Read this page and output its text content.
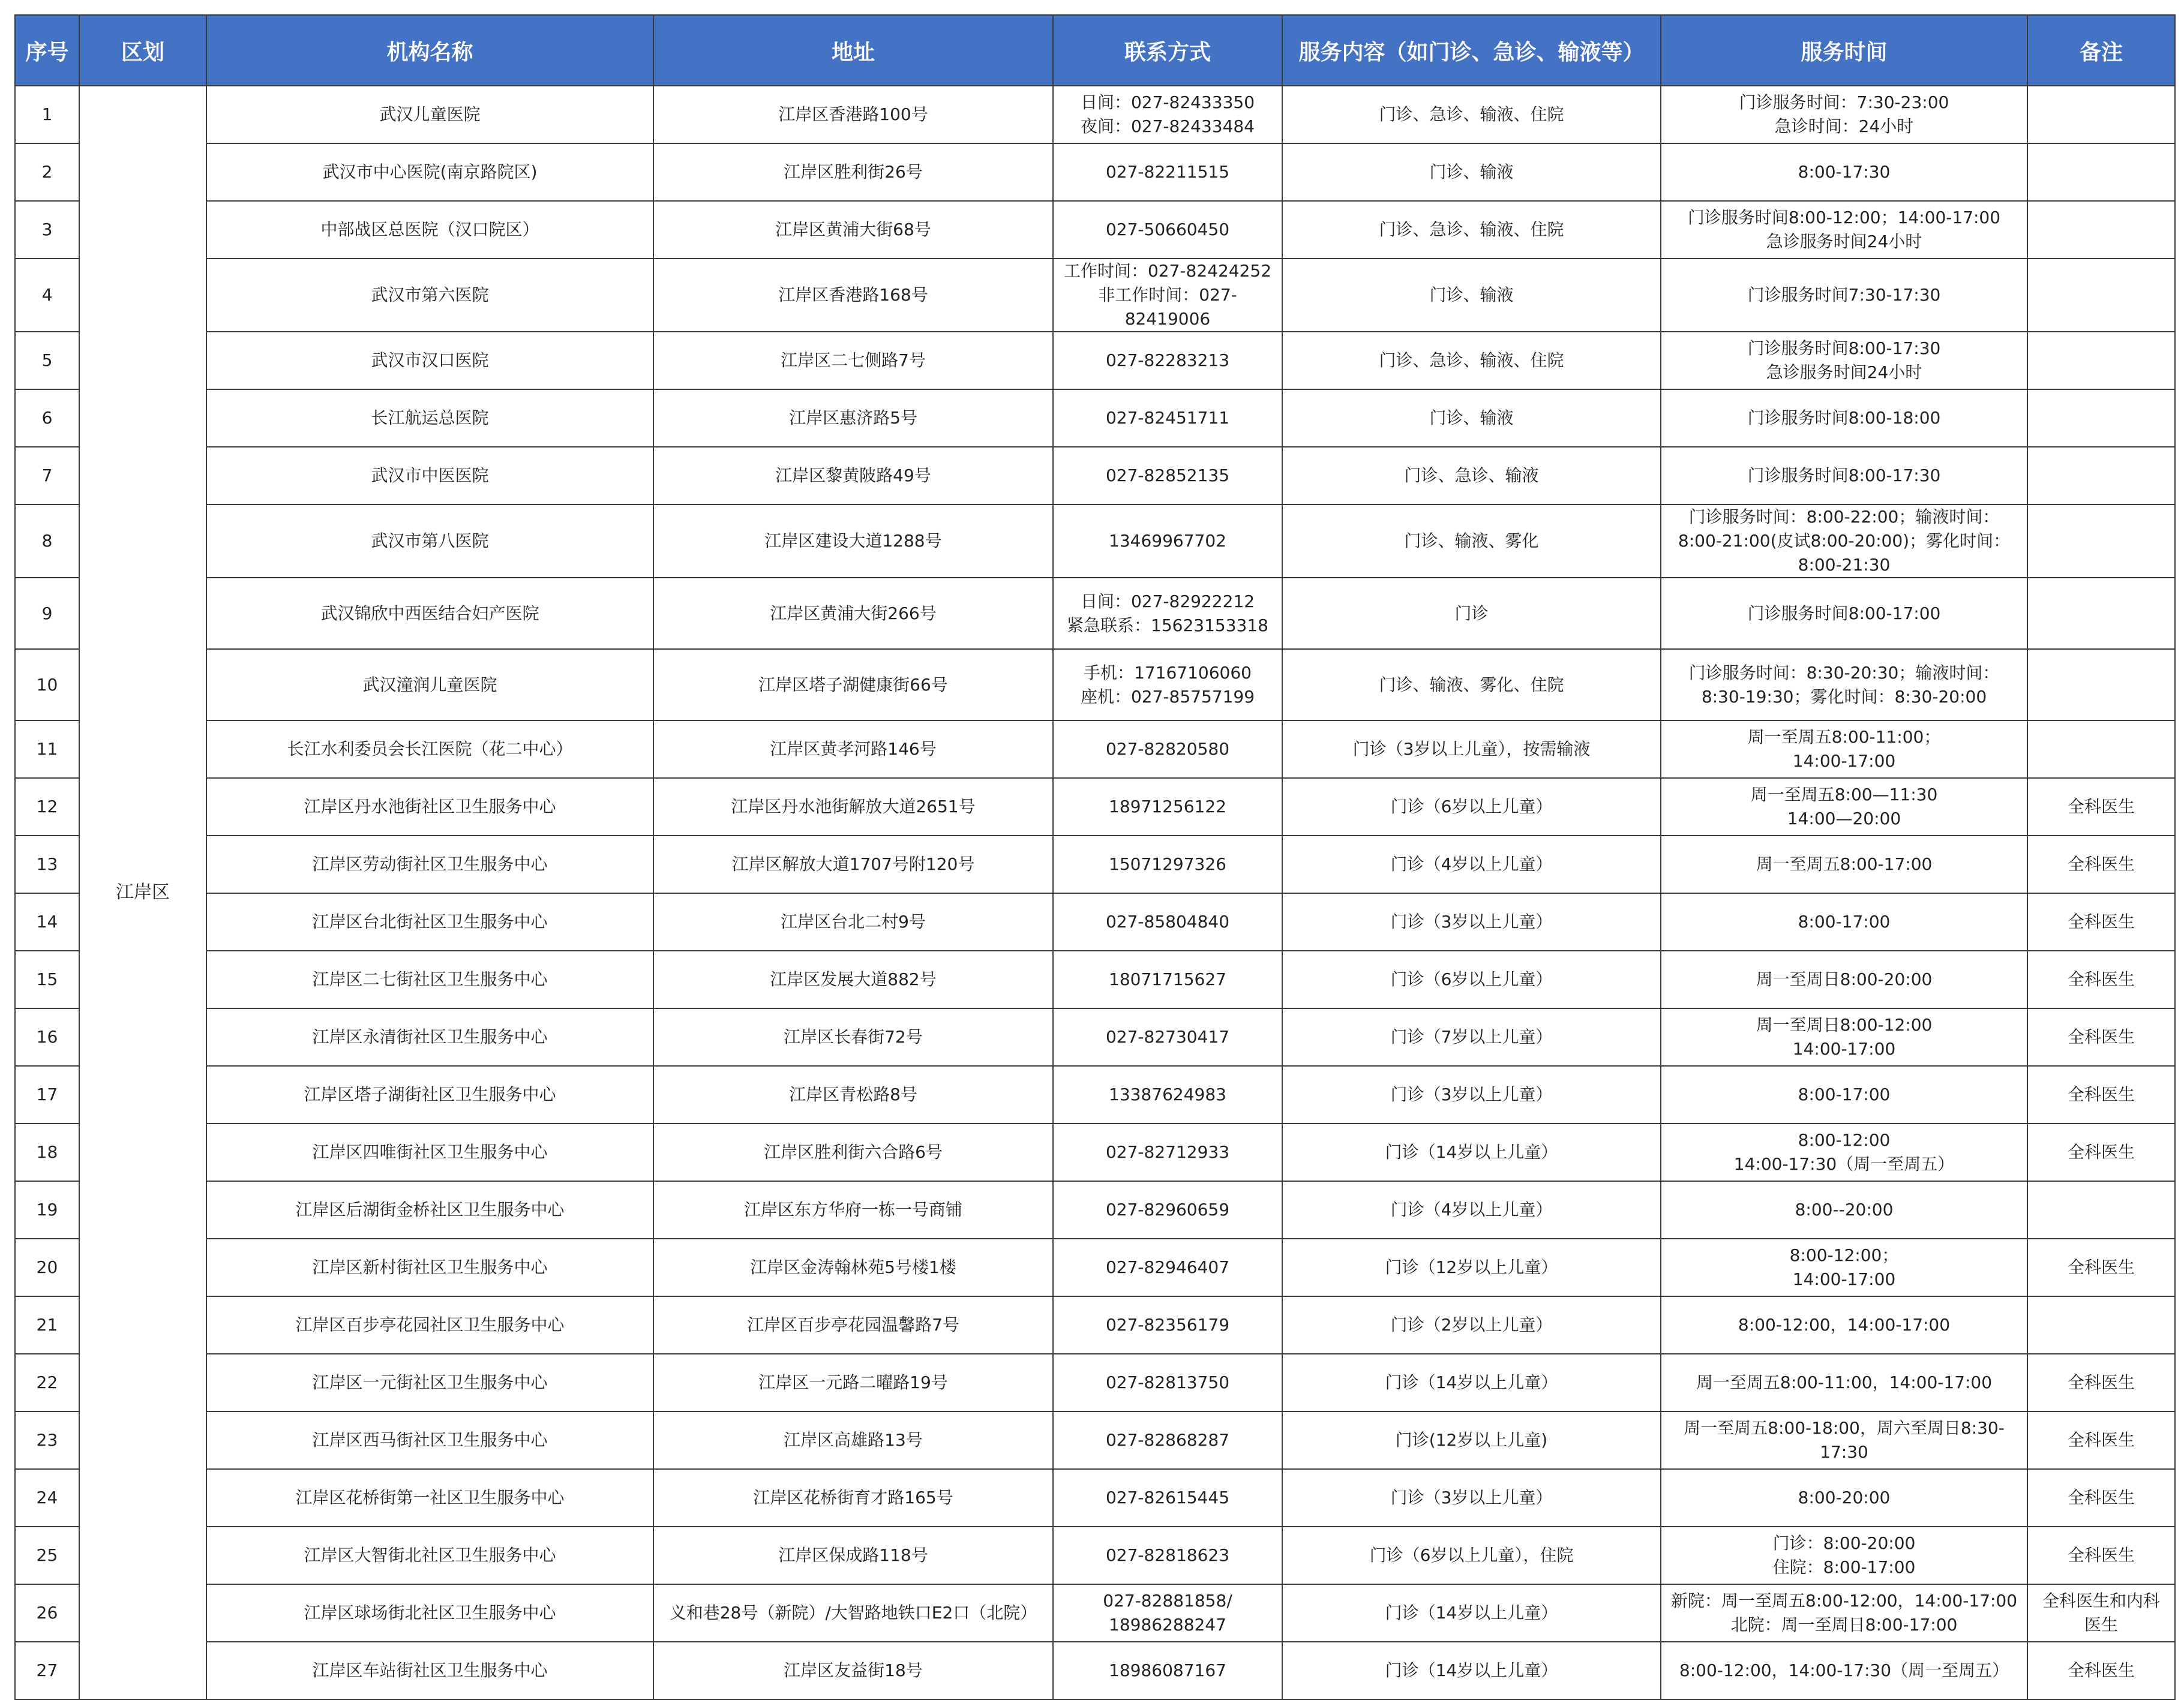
序号	区划	机构名称	地址	联系方式	服务内容（如门诊、急诊、输液等）	服务时间	备注
1	江岸区	武汉儿童医院	江岸区香港路100号	日间：027-82433350
夜间：027-82433484	门诊、急诊、输液、住院	门诊服务时间：7:30-23:00
急诊时间：24小时	
2		武汉市中心医院(南京路院区)	江岸区胜利街26号	027-82211515	门诊、输液	8:00-17:30	
3		中部战区总医院（汉口院区）	江岸区黄浦大街68号	027-50660450	门诊、急诊、输液、住院	门诊服务时间8:00-12:00；14:00-17:00
急诊服务时间24小时	
4		武汉市第六医院	江岸区香港路168号	工作时间：027-82424252
非工作时间：027-82419006	门诊、输液	门诊服务时间7:30-17:30	
5		武汉市汉口医院	江岸区二七侧路7号	027-82283213	门诊、急诊、输液、住院	门诊服务时间8:00-17:30
急诊服务时间24小时	
6		长江航运总医院	江岸区惠济路5号	027-82451711	门诊、输液	门诊服务时间8:00-18:00	
7		武汉市中医医院	江岸区黎黄陂路49号	027-82852135	门诊、急诊、输液	门诊服务时间8:00-17:30	
8		武汉市第八医院	江岸区建设大道1288号	13469967702	门诊、输液、雾化	门诊服务时间：8:00-22:00；输液时间：
8:00-21:00(皮试8:00-20:00)；雾化时间：
8:00-21:30	
9		武汉锦欣中西医结合妇产医院	江岸区黄浦大街266号	日间：027-82922212
紧急联系：15623153318	门诊	门诊服务时间8:00-17:00	
10		武汉潼润儿童医院	江岸区塔子湖健康街66号	手机：17167106060
座机：027-85757199	门诊、输液、雾化、住院	门诊服务时间：8:30-20:30；输液时间：
8:30-19:30；雾化时间：8:30-20:00	
11		长江水利委员会长江医院（花二中心）	江岸区黄孝河路146号	027-82820580	门诊（3岁以上儿童），按需输液	周一至周五8:00-11:00；
14:00-17:00	
12		江岸区丹水池街社区卫生服务中心	江岸区丹水池街解放大道2651号	18971256122	门诊（6岁以上儿童）	周一至周五8:00—11:30
14:00—20:00	全科医生
13		江岸区劳动街社区卫生服务中心	江岸区解放大道1707号附120号	15071297326	门诊（4岁以上儿童）	周一至周五8:00-17:00	全科医生
14		江岸区台北街社区卫生服务中心	江岸区台北二村9号	027-85804840	门诊（3岁以上儿童）	8:00-17:00	全科医生
15		江岸区二七街社区卫生服务中心	江岸区发展大道882号	18071715627	门诊（6岁以上儿童）	周一至周日8:00-20:00	全科医生
16		江岸区永清街社区卫生服务中心	江岸区长春街72号	027-82730417	门诊（7岁以上儿童）	周一至周日8:00-12:00
14:00-17:00	全科医生
17		江岸区塔子湖街社区卫生服务中心	江岸区青松路8号	13387624983	门诊（3岁以上儿童）	8:00-17:00	全科医生
18		江岸区四唯街社区卫生服务中心	江岸区胜利街六合路6号	027-82712933	门诊（14岁以上儿童）	8:00-12:00
14:00-17:30（周一至周五）	全科医生
19		江岸区后湖街金桥社区卫生服务中心	江岸区东方华府一栋一号商铺	027-82960659	门诊（4岁以上儿童）	8:00--20:00	
20		江岸区新村街社区卫生服务中心	江岸区金涛翰林苑5号楼1楼	027-82946407	门诊（12岁以上儿童）	8:00-12:00；
14:00-17:00	全科医生
21		江岸区百步亭花园社区卫生服务中心	江岸区百步亭花园温馨路7号	027-82356179	门诊（2岁以上儿童）	8:00-12:00，14:00-17:00	
22		江岸区一元街社区卫生服务中心	江岸区一元路二曜路19号	027-82813750	门诊（14岁以上儿童）	周一至周五8:00-11:00，14:00-17:00	全科医生
23		江岸区西马街社区卫生服务中心	江岸区高雄路13号	027-82868287	门诊(12岁以上儿童)	周一至周五8:00-18:00，周六至周日8:30-17:30	全科医生
24		江岸区花桥街第一社区卫生服务中心	江岸区花桥街育才路165号	027-82615445	门诊（3岁以上儿童）	8:00-20:00	全科医生
25		江岸区大智街北社区卫生服务中心	江岸区保成路118号	027-82818623	门诊（6岁以上儿童），住院	门诊：8:00-20:00
住院：8:00-17:00	全科医生
26		江岸区球场街北社区卫生服务中心	义和巷28号（新院）/大智路地铁口E2口（北院）	027-82881858/
18986288247	门诊（14岁以上儿童）	新院：周一至周五8:00-12:00，14:00-17:00
北院：周一至周日8:00-17:00	全科医生和内科
医生
27		江岸区车站街社区卫生服务中心	江岸区友益街18号	18986087167	门诊（14岁以上儿童）	8:00-12:00，14:00-17:30（周一至周五）	全科医生
